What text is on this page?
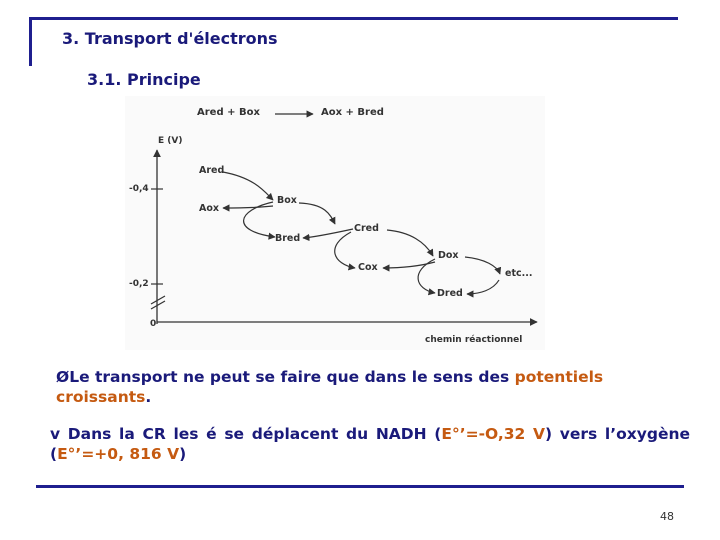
3. Transport d'électrons
3.1. Principe
Ared + Box	Aox + Bred
E (V)
chemin réactionnel
-0,4
-0,2
0
Ared
Aox
Box
Bred
Cred
Cox
Dox
Dred
etc...
ØLe transport ne peut se faire que dans le sens des potentiels croissants.
v Dans la CR les é se déplacent du NADH (E°’=-O,32 V) vers l’oxygène (E°’=+0, 816 V)
48
